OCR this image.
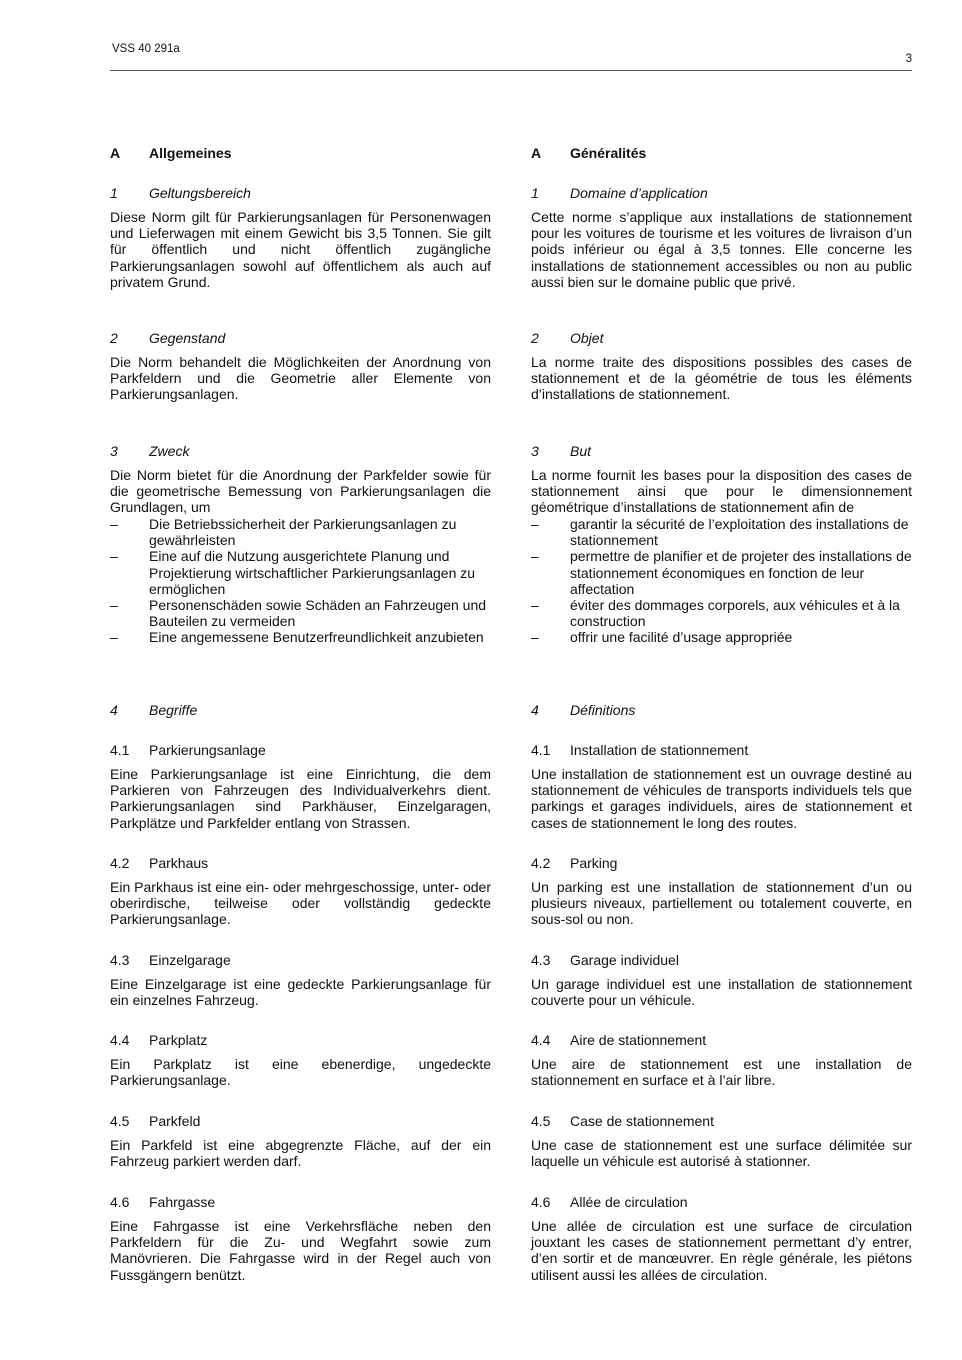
VSS 40 291a
3
A Allgemeines
1 Geltungsbereich
Diese Norm gilt für Parkierungsanlagen für Personenwagen und Lieferwagen mit einem Gewicht bis 3,5 Tonnen. Sie gilt für öffentlich und nicht öffentlich zugängliche Parkierungsanlagen sowohl auf öffentlichem als auch auf privatem Grund.
2 Gegenstand
Die Norm behandelt die Möglichkeiten der Anordnung von Parkfeldern und die Geometrie aller Elemente von Parkierungsanlagen.
3 Zweck
Die Norm bietet für die Anordnung der Parkfelder sowie für die geometrische Bemessung von Parkierungsanlagen die Grundlagen, um
– Die Betriebssicherheit der Parkierungsanlagen zu gewährleisten
– Eine auf die Nutzung ausgerichtete Planung und Projektierung wirtschaftlicher Parkierungsanlagen zu ermöglichen
– Personenschäden sowie Schäden an Fahrzeugen und Bauteilen zu vermeiden
– Eine angemessene Benutzerfreundlichkeit anzubieten
4 Begriffe
4.1 Parkierungsanlage
Eine Parkierungsanlage ist eine Einrichtung, die dem Parkieren von Fahrzeugen des Individualverkehrs dient. Parkierungsanlagen sind Parkhäuser, Einzelgaragen, Parkplätze und Parkfelder entlang von Strassen.
4.2 Parkhaus
Ein Parkhaus ist eine ein- oder mehrgeschossige, unter- oder oberirdische, teilweise oder vollständig gedeckte Parkierungsanlage.
4.3 Einzelgarage
Eine Einzelgarage ist eine gedeckte Parkierungsanlage für ein einzelnes Fahrzeug.
4.4 Parkplatz
Ein Parkplatz ist eine ebenerdige, ungedeckte Parkierungsanlage.
4.5 Parkfeld
Ein Parkfeld ist eine abgegrenzte Fläche, auf der ein Fahrzeug parkiert werden darf.
4.6 Fahrgasse
Eine Fahrgasse ist eine Verkehrsfläche neben den Parkfeldern für die Zu- und Wegfahrt sowie zum Manövrieren. Die Fahrgasse wird in der Regel auch von Fussgängern benützt.
A Généralités
1 Domaine d’application
Cette norme s’applique aux installations de stationnement pour les voitures de tourisme et les voitures de livraison d’un poids inférieur ou égal à 3,5 tonnes. Elle concerne les installations de stationnement accessibles ou non au public aussi bien sur le domaine public que privé.
2 Objet
La norme traite des dispositions possibles des cases de stationnement et de la géométrie de tous les éléments d’installations de stationnement.
3 But
La norme fournit les bases pour la disposition des cases de stationnement ainsi que pour le dimensionnement géométrique d’installations de stationnement afin de
– garantir la sécurité de l’exploitation des installations de stationnement
– permettre de planifier et de projeter des installations de stationnement économiques en fonction de leur affectation
– éviter des dommages corporels, aux véhicules et à la construction
– offrir une facilité d’usage appropriée
4 Définitions
4.1 Installation de stationnement
Une installation de stationnement est un ouvrage destiné au stationnement de véhicules de transports individuels tels que parkings et garages individuels, aires de stationnement et cases de stationnement le long des routes.
4.2 Parking
Un parking est une installation de stationnement d’un ou plusieurs niveaux, partiellement ou totalement couverte, en sous-sol ou non.
4.3 Garage individuel
Un garage individuel est une installation de stationnement couverte pour un véhicule.
4.4 Aire de stationnement
Une aire de stationnement est une installation de stationnement en surface et à l’air libre.
4.5 Case de stationnement
Une case de stationnement est une surface délimitée sur laquelle un véhicule est autorisé à stationner.
4.6 Allée de circulation
Une allée de circulation est une surface de circulation jouxtant les cases de stationnement permettant d’y entrer, d’en sortir et de manœuvrer. En règle générale, les piétons utilisent aussi les allées de circulation.
